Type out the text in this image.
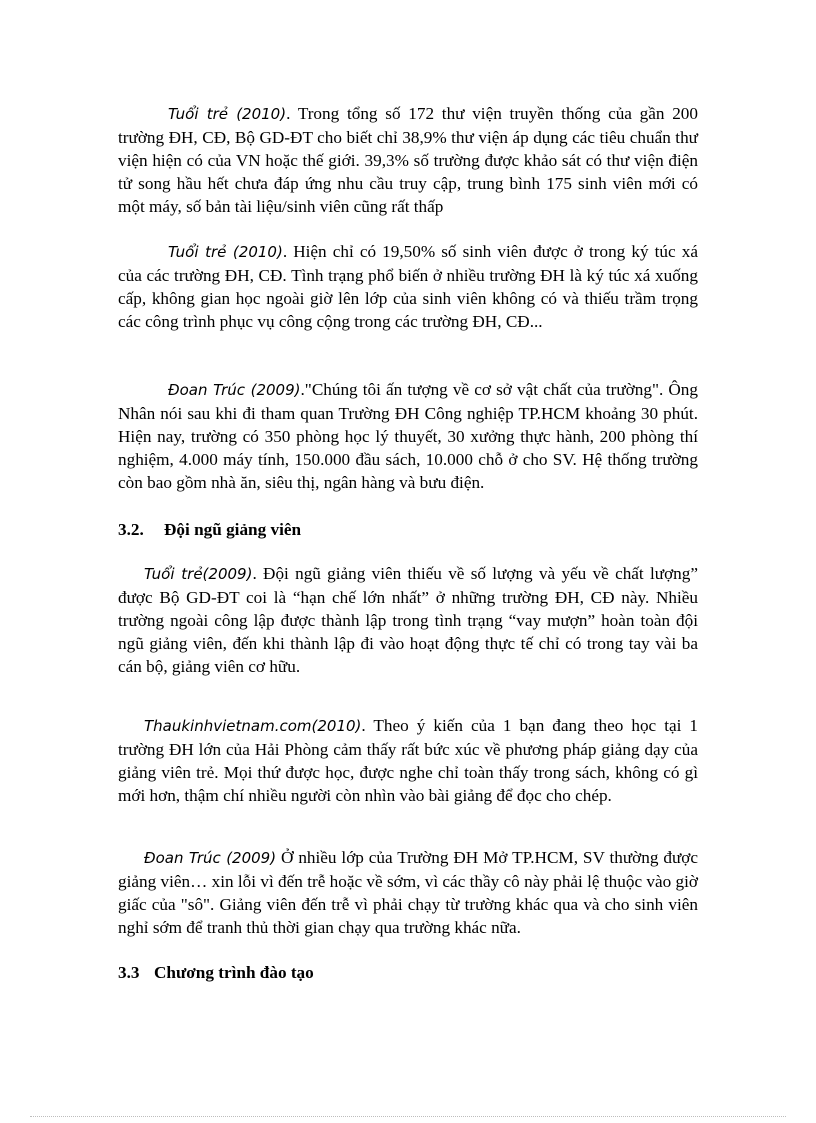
Tuổi trẻ (2010). Trong tổng số 172 thư viện truyền thống của gần 200 trường ĐH, CĐ, Bộ GD-ĐT cho biết chỉ 38,9% thư viện áp dụng các tiêu chuẩn thư viện hiện có của VN hoặc thế giới. 39,3% số trường được khảo sát có thư viện điện tử song hầu hết chưa đáp ứng nhu cầu truy cập, trung bình 175 sinh viên mới có một máy, số bản tài liệu/sinh viên cũng rất thấp

Tuổi trẻ (2010). Hiện chỉ có 19,50% số sinh viên được ở trong ký túc xá của các trường ĐH, CĐ. Tình trạng phổ biến ở nhiều trường ĐH là ký túc xá xuống cấp, không gian học ngoài giờ lên lớp của sinh viên không có và thiếu trầm trọng các công trình phục vụ công cộng trong các trường ĐH, CĐ...

Đoan Trúc (2009)."Chúng tôi ấn tượng về cơ sở vật chất của trường". Ông Nhân nói sau khi đi tham quan Trường ĐH Công nghiệp TP.HCM khoảng 30 phút. Hiện nay, trường có 350 phòng học lý thuyết, 30 xưởng thực hành, 200 phòng thí nghiệm, 4.000 máy tính, 150.000 đầu sách, 10.000 chỗ ở cho SV. Hệ thống trường còn bao gồm nhà ăn, siêu thị, ngân hàng và bưu điện.

3.2. Đội ngũ giảng viên

Tuổi trẻ(2009). Đội ngũ giảng viên thiếu về số lượng và yếu về chất lượng” được Bộ GD-ĐT coi là “hạn chế lớn nhất” ở những trường ĐH, CĐ này. Nhiều trường ngoài công lập được thành lập trong tình trạng “vay mượn” hoàn toàn đội ngũ giảng viên, đến khi thành lập đi vào hoạt động thực tế chỉ có trong tay vài ba cán bộ, giảng viên cơ hữu.

Thaukinhvietnam.com(2010). Theo ý kiến của 1 bạn đang theo học tại 1 trường ĐH lớn của Hải Phòng cảm thấy rất bức xúc về phương pháp giảng dạy của giảng viên trẻ. Mọi thứ được học, được nghe chỉ toàn thấy trong sách, không có gì mới hơn, thậm chí nhiều người còn nhìn vào bài giảng để đọc cho chép.

Đoan Trúc (2009) Ở nhiều lớp của Trường ĐH Mở TP.HCM, SV thường được giảng viên… xin lỗi vì đến trễ hoặc về sớm, vì các thầy cô này phải lệ thuộc vào giờ giấc của "sô". Giảng viên đến trễ vì phải chạy từ trường khác qua và cho sinh viên nghỉ sớm để tranh thủ thời gian chạy qua trường khác nữa.

3.3 Chương trình đào tạo
